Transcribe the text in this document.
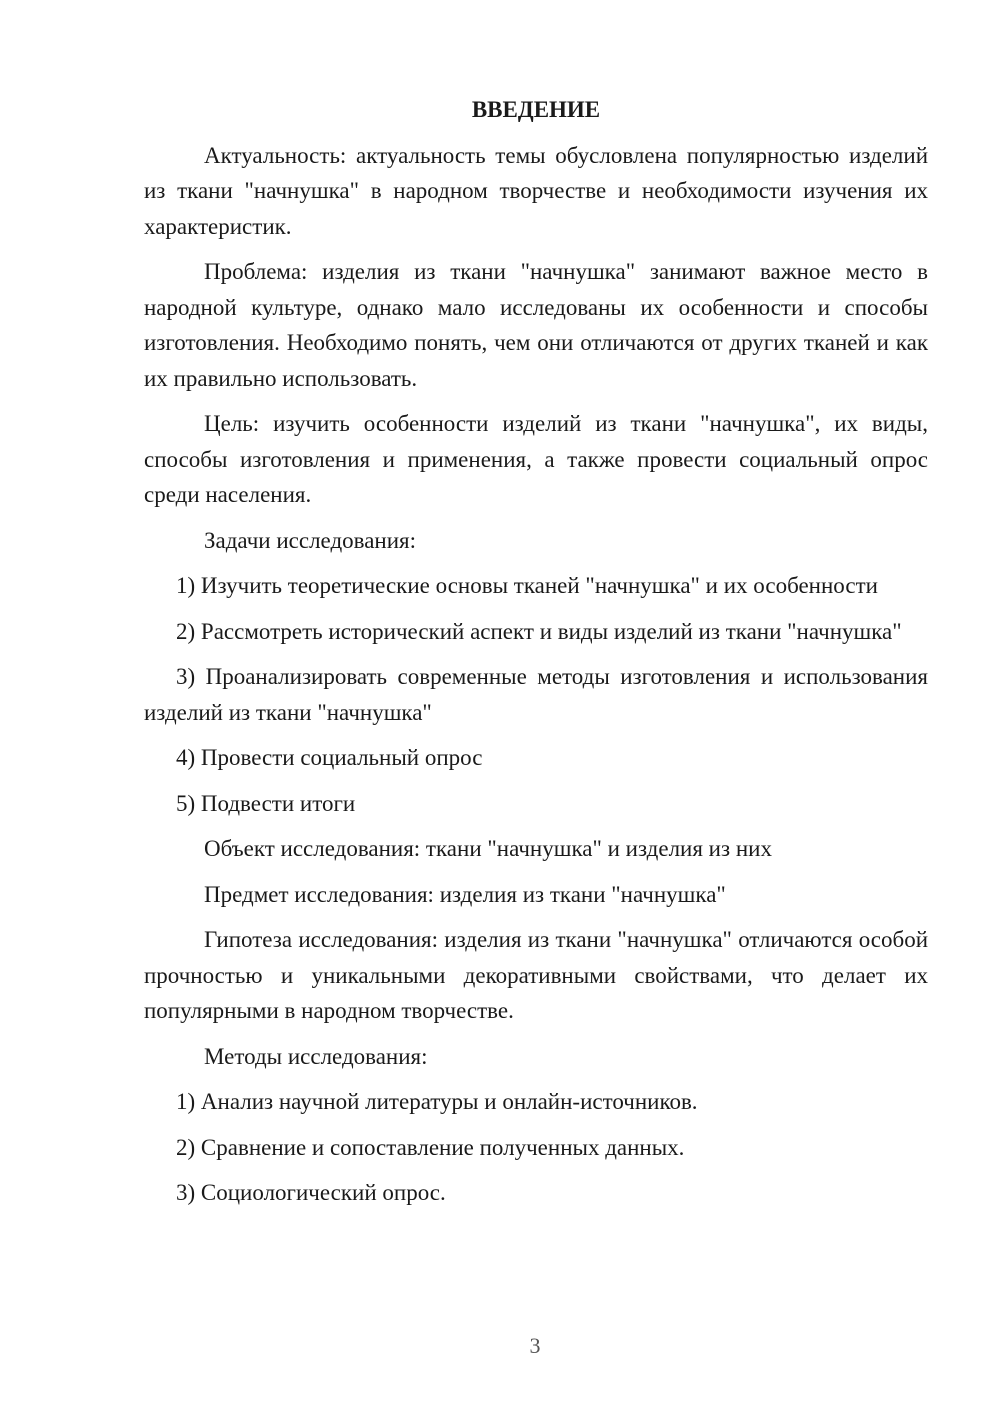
ВВЕДЕНИЕ

Актуальность: актуальность темы обусловлена популярностью изделий из ткани "начнушка" в народном творчестве и необходимости изучения их характеристик.

Проблема: изделия из ткани "начнушка" занимают важное место в народной культуре, однако мало исследованы их особенности и способы изготовления. Необходимо понять, чем они отличаются от других тканей и как их правильно использовать.

Цель: изучить особенности изделий из ткани "начнушка", их виды, способы изготовления и применения, а также провести социальный опрос среди населения.

Задачи исследования:

1) Изучить теоретические основы тканей "начнушка" и их особенности

2) Рассмотреть исторический аспект и виды изделий из ткани "начнушка"

3) Проанализировать современные методы изготовления и использования изделий из ткани "начнушка"

4) Провести социальный опрос

5) Подвести итоги

Объект исследования: ткани "начнушка" и изделия из них

Предмет исследования: изделия из ткани "начнушка"

Гипотеза исследования: изделия из ткани "начнушка" отличаются особой прочностью и уникальными декоративными свойствами, что делает их популярными в народном творчестве.

Методы исследования:

1) Анализ научной литературы и онлайн-источников.

2) Сравнение и сопоставление полученных данных.

3) Социологический опрос.

3
